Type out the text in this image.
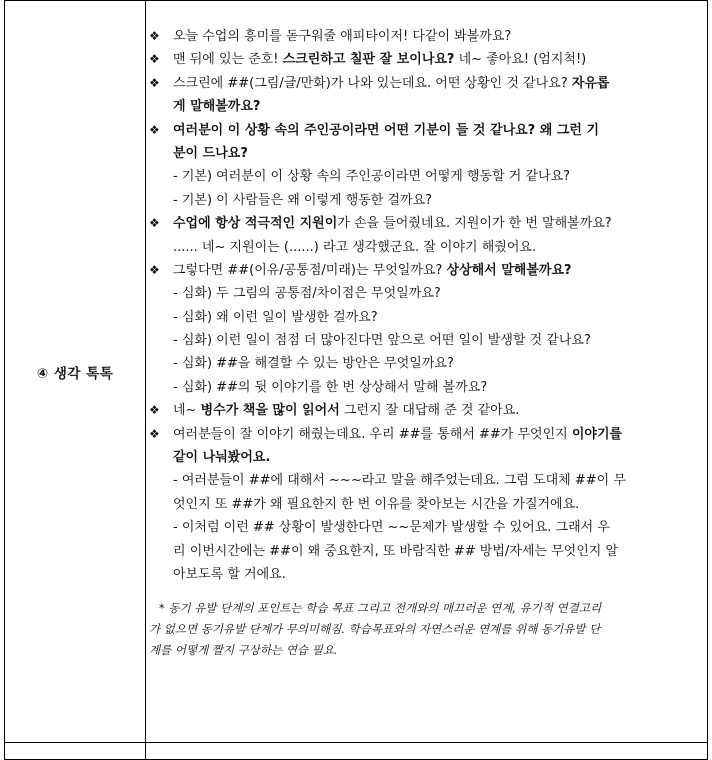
④ 생각 톡톡
❖ 오늘 수업의 흥미를 돋구워줄 애피타이저! 다같이 봐볼까요?
❖ 맨 뒤에 있는 준호! 스크린하고 칠판 잘 보이나요? 네~ 좋아요! (엄지척!)
❖ 스크린에 ##(그림/글/만화)가 나와 있는데요. 어떤 상황인 것 같나요? 자유롭
게 말해볼까요?
❖ 여러분이 이 상황 속의 주인공이라면 어떤 기분이 들 것 같나요? 왜 그런 기
분이 드나요?
- 기본) 여러분이 이 상황 속의 주인공이라면 어떻게 행동할 거 같나요?
- 기본) 이 사람들은 왜 이렇게 행동한 걸까요?
❖ 수업에 항상 적극적인 지원이가 손을 들어줬네요. 지원이가 한 번 말해볼까요?
...... 네~ 지원이는 (......) 라고 생각했군요. 잘 이야기 해줬어요.
❖ 그렇다면 ##(이유/공통점/미래)는 무엇일까요? 상상해서 말해볼까요?
- 심화) 두 그림의 공통점/차이점은 무엇일까요?
- 심화) 왜 이런 일이 발생한 걸까요?
- 심화) 이런 일이 점점 더 많아진다면 앞으로 어떤 일이 발생할 것 같나요?
- 심화) ##을 해결할 수 있는 방안은 무엇일까요?
- 심화) ##의 뒷 이야기를 한 번 상상해서 말해 볼까요?
❖ 네~ 병수가 책을 많이 읽어서 그런지 잘 대답해 준 것 같아요.
❖ 여러분들이 잘 이야기 해줬는데요. 우리 ##를 통해서 ##가 무엇인지 이야기를
같이 나눠봤어요.
- 여러분들이 ##에 대해서 ~~~라고 말을 해주었는데요. 그럼 도대체 ##이 무
엇인지 또 ##가 왜 필요한지 한 번 이유를 찾아보는 시간을 가질거에요.
- 이처럼 이런 ## 상황이 발생한다면 ~~문제가 발생할 수 있어요. 그래서 우
리 이번시간에는 ##이 왜 중요한지, 또 바람직한 ## 방법/자세는 무엇인지 알
아보도록 할 거에요.
* 동기 유발 단계의 포인트는 학습 목표 그리고 전개와의 매끄러운 연계, 유기적 연결고리
가 없으면 동기유발 단계가 무의미해짐. 학습목표와의 자연스러운 연계를 위해 동기유발 단
계를 어떻게 짤지 구상하는 연습 필요.
